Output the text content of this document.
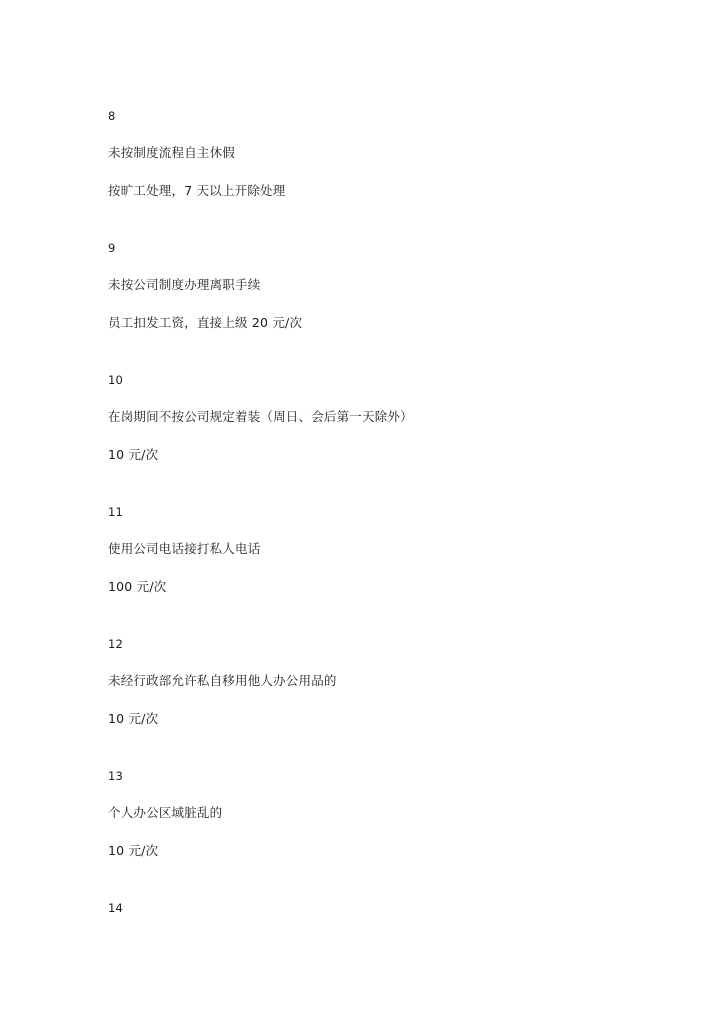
8
未按制度流程自主休假
按旷工处理，7 天以上开除处理
9
未按公司制度办理离职手续
员工扣发工资，直接上级 20 元/次
10
在岗期间不按公司规定着装（周日、会后第一天除外）
10 元/次
11
使用公司电话接打私人电话
100 元/次
12
未经行政部允许私自移用他人办公用品的
10 元/次
13
个人办公区域脏乱的
10 元/次
14
